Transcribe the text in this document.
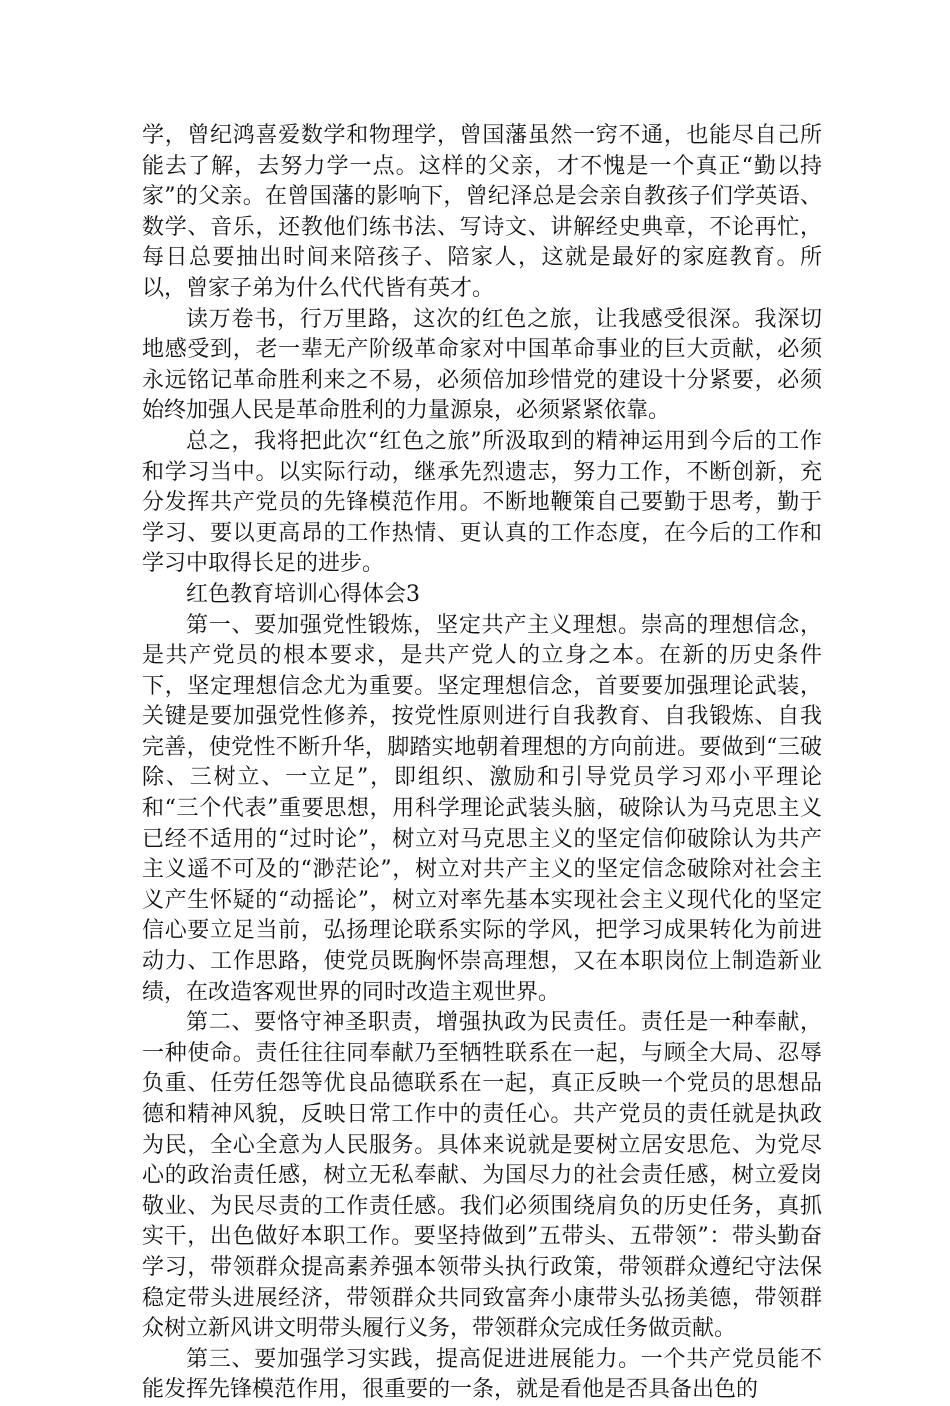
学，曾纪鸿喜爱数学和物理学，曾国藩虽然一窍不通，也能尽自己所能去了解，去努力学一点。这样的父亲，才不愧是一个真正“勤以持家”的父亲。在曾国藩的影响下，曾纪泽总是会亲自教孩子们学英语、数学、音乐，还教他们练书法、写诗文、讲解经史典章，不论再忙，每日总要抽出时间来陪孩子、陪家人，这就是最好的家庭教育。所以，曾家子弟为什么代代皆有英才。

读万卷书，行万里路，这次的红色之旅，让我感受很深。我深切地感受到，老一辈无产阶级革命家对中国革命事业的巨大贡献，必须永远铭记革命胜利来之不易，必须倍加珍惜党的建设十分紧要，必须始终加强人民是革命胜利的力量源泉，必须紧紧依靠。

总之，我将把此次“红色之旅”所汲取到的精神运用到今后的工作和学习当中。以实际行动，继承先烈遗志，努力工作，不断创新，充分发挥共产党员的先锋模范作用。不断地鞭策自己要勤于思考，勤于学习、要以更高昂的工作热情、更认真的工作态度，在今后的工作和学习中取得长足的进步。

红色教育培训心得体会3

第一、要加强党性锻炼，坚定共产主义理想。崇高的理想信念，是共产党员的根本要求，是共产党人的立身之本。在新的历史条件下，坚定理想信念尤为重要。坚定理想信念，首要要加强理论武装，关键是要加强党性修养，按党性原则进行自我教育、自我锻炼、自我完善，使党性不断升华，脚踏实地朝着理想的方向前进。要做到“三破除、三树立、一立足”，即组织、激励和引导党员学习邓小平理论和“三个代表”重要思想，用科学理论武装头脑，破除认为马克思主义已经不适用的“过时论”，树立对马克思主义的坚定信仰破除认为共产主义遥不可及的“渺茫论”，树立对共产主义的坚定信念破除对社会主义产生怀疑的“动摇论”，树立对率先基本实现社会主义现代化的坚定信心要立足当前，弘扬理论联系实际的学风，把学习成果转化为前进动力、工作思路，使党员既胸怀崇高理想，又在本职岗位上制造新业绩，在改造客观世界的同时改造主观世界。

第二、要恪守神圣职责，增强执政为民责任。责任是一种奉献，一种使命。责任往往同奉献乃至牺牲联系在一起，与顾全大局、忍辱负重、任劳任怨等优良品德联系在一起，真正反映一个党员的思想品德和精神风貌，反映日常工作中的责任心。共产党员的责任就是执政为民，全心全意为人民服务。具体来说就是要树立居安思危、为党尽心的政治责任感，树立无私奉献、为国尽力的社会责任感，树立爱岗敬业、为民尽责的工作责任感。我们必须围绕肩负的历史任务，真抓实干，出色做好本职工作。要坚持做到”五带头、五带领”：带头勤奋学习，带领群众提高素养强本领带头执行政策，带领群众遵纪守法保稳定带头进展经济，带领群众共同致富奔小康带头弘扬美德，带领群众树立新风讲文明带头履行义务，带领群众完成任务做贡献。

第三、要加强学习实践，提高促进进展能力。一个共产党员能不能发挥先锋模范作用，很重要的一条，就是看他是否具备出色的
